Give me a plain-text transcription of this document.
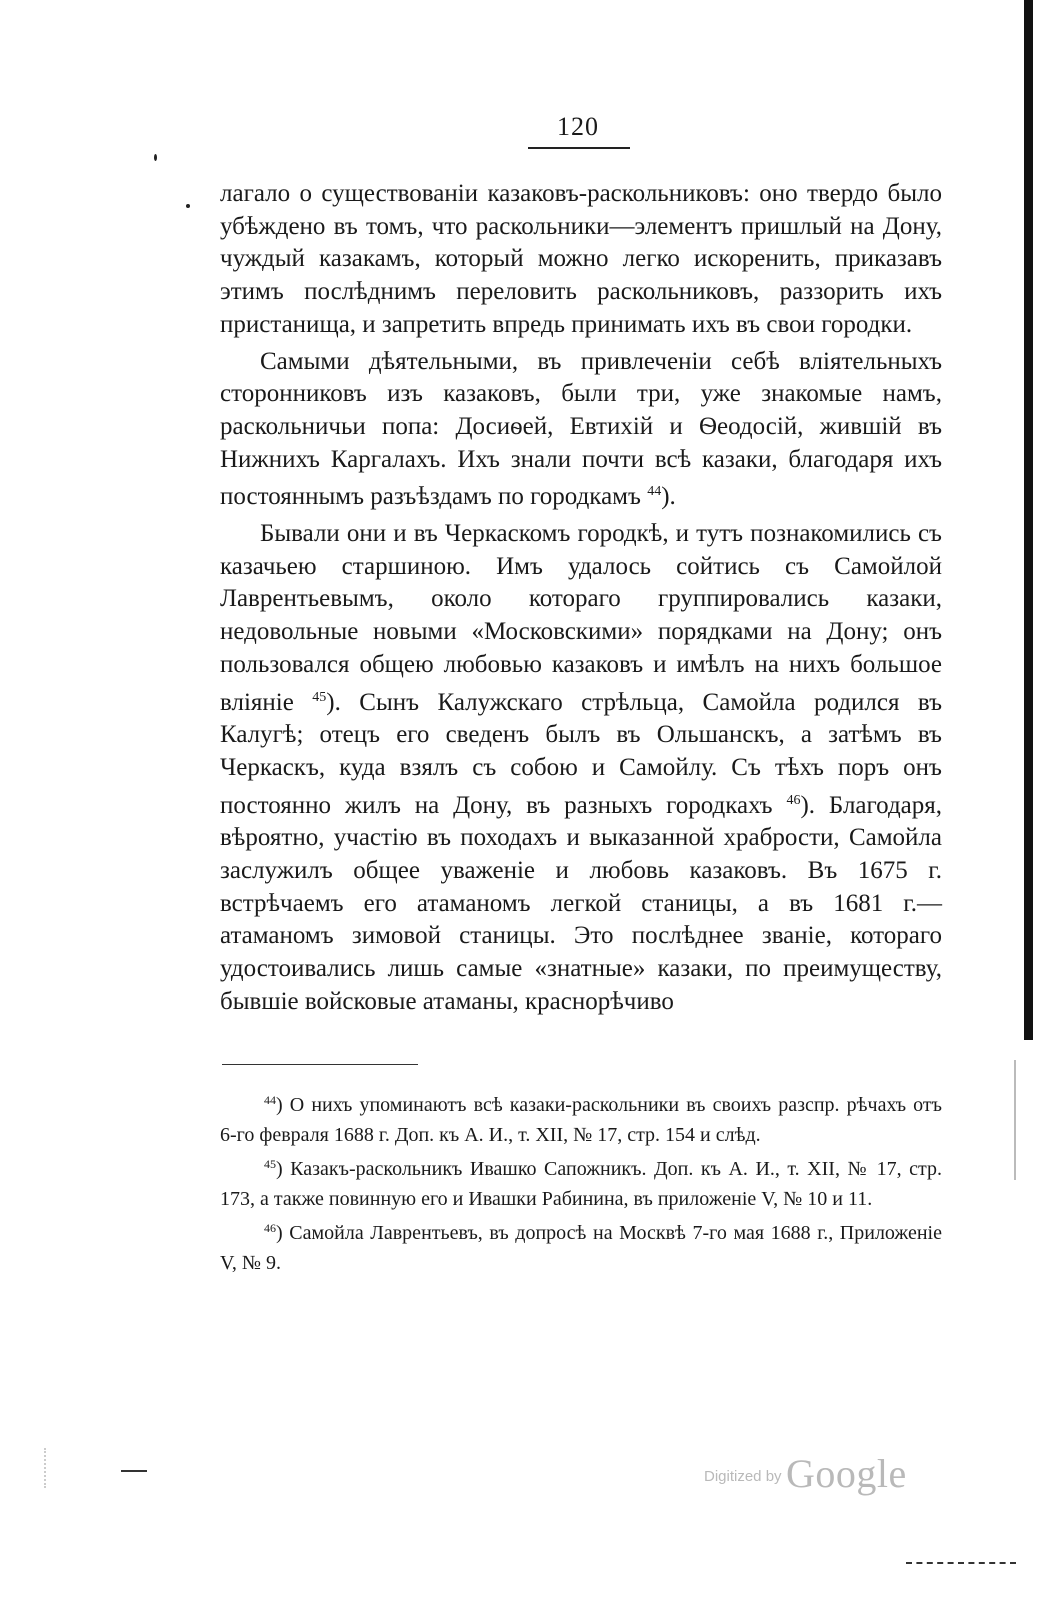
120

лагало о существованiи казаковъ-раскольниковъ: оно твердо было убѣждено въ томъ, что раскольники—элементъ пришлый на Дону, чуждый казакамъ, который можно легко искоренить, приказавъ этимъ послѣднимъ переловить раскольниковъ, раззорить ихъ пристанища, и запретить впредь принимать ихъ въ свои городки.

Самыми дѣятельными, въ привлеченiи себѣ влiятельныхъ сторонниковъ изъ казаковъ, были три, уже знакомые намъ, раскольничьи попа: Досиѳей, Евтихiй и Ѳеодосiй, жившiй въ Нижнихъ Каргалахъ. Ихъ знали почти всѣ казаки, благодаря ихъ постояннымъ разъѣздамъ по городкамъ $^{44}$).

Бывали они и въ Черкаскомъ городкѣ, и тутъ познакомились съ казачьею старшиною. Имъ удалось сойтись съ Самойлой Лаврентьевымъ, около котораго группировались казаки, недовольные новыми «Московскими» порядками на Дону; онъ пользовался общею любовью казаковъ и имѣлъ на нихъ большое влiянiе $^{45}$). Сынъ Калужскаго стрѣльца, Самойла родился въ Калугѣ; отецъ его сведенъ былъ въ Ольшанскъ, а затѣмъ въ Черкаскъ, куда взялъ съ собою и Самойлу. Съ тѣхъ поръ онъ постоянно жилъ на Дону, въ разныхъ городкахъ $^{46}$). Благодаря, вѣроятно, участiю въ походахъ и выказанной храбрости, Самойла заслужилъ общее уваженiе и любовь казаковъ. Въ 1675 г. встрѣчаемъ его атаманомъ легкой станицы, а въ 1681 г.—атаманомъ зимовой станицы. Это послѣднее званiе, котораго удостоивались лишь самые «знатные» казаки, по преимуществу, бывшiе войсковые атаманы, краснорѣчиво

$^{44}$) О нихъ упоминаютъ всѣ казаки-раскольники въ своихъ разспр. рѣчахъ отъ 6-го февраля 1688 г. Доп. къ А. И., т. XII, № 17, стр. 154 и слѣд.

$^{45}$) Казакъ-раскольникъ Ивашко Сапожникъ. Доп. къ А. И., т. XII, № 17, стр. 173, а также повинную его и Ивашки Рабинина, въ приложенiе V, № 10 и 11.

$^{46}$) Самойла Лаврентьевъ, въ допросѣ на Москвѣ 7-го мая 1688 г., Приложенiе V, № 9.

Digitized by Google
